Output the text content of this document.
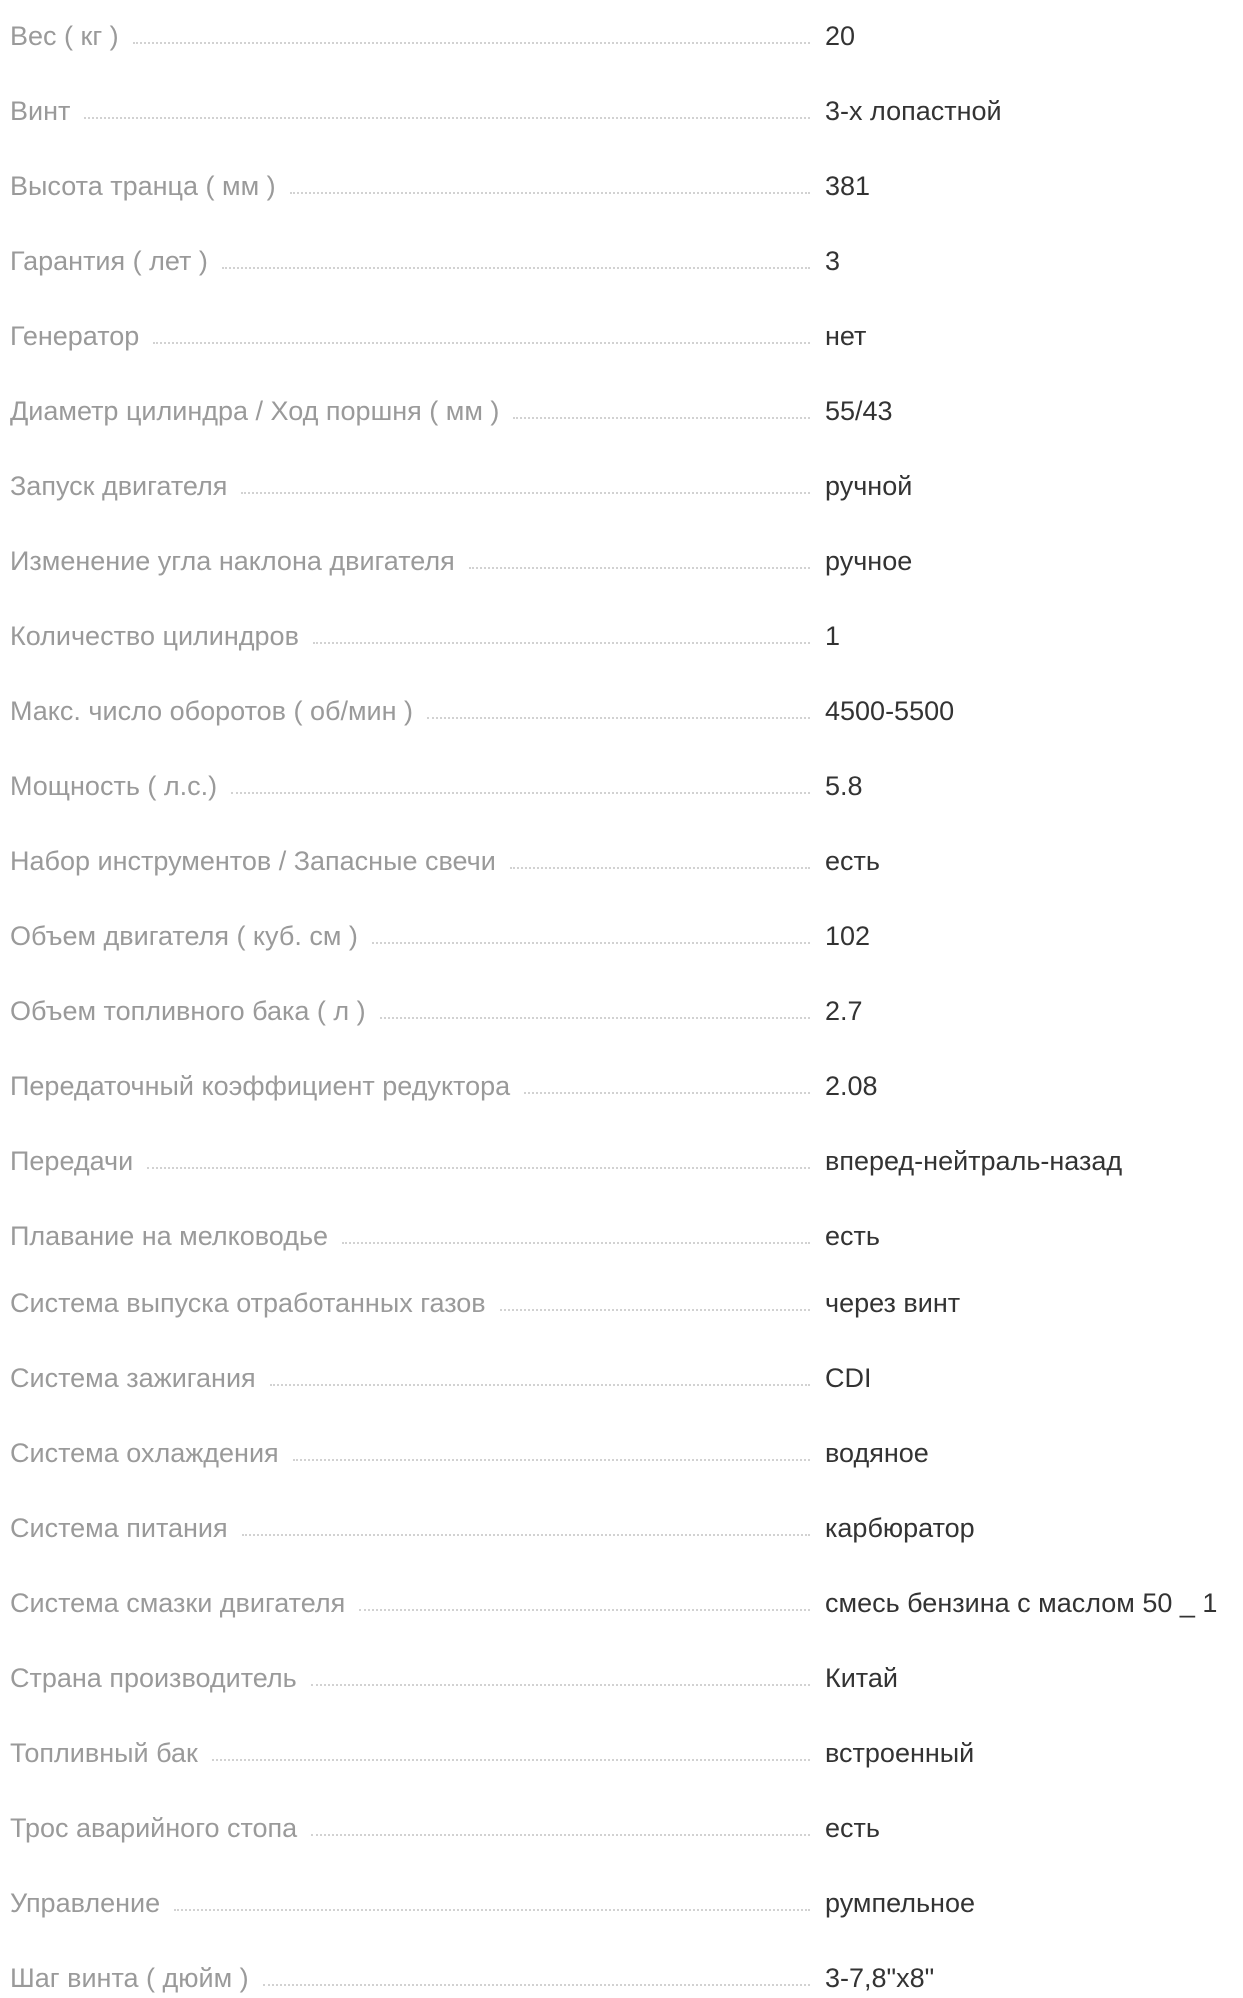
Вес ( кг )	20
Винт	3-х лопастной
Высота транца ( мм )	381
Гарантия ( лет )	3
Генератор	нет
Диаметр цилиндра / Ход поршня ( мм )	55/43
Запуск двигателя	ручной
Изменение угла наклона двигателя	ручное
Количество цилиндров	1
Макс. число оборотов ( об/мин )	4500-5500
Мощность ( л.с.)	5.8
Набор инструментов / Запасные свечи	есть
Объем двигателя ( куб. см )	102
Объем топливного бака ( л )	2.7
Передаточный коэффициент редуктора	2.08
Передачи	вперед-нейтраль-назад
Плавание на мелководье	есть
Система выпуска отработанных газов	через винт
Система зажигания	CDI
Система охлаждения	водяное
Система питания	карбюратор
Система смазки двигателя	смесь бензина с маслом 50 _ 1
Страна производитель	Китай
Топливный бак	встроенный
Трос аварийного стопа	есть
Управление	румпельное
Шаг винта ( дюйм )	3-7,8"x8"
